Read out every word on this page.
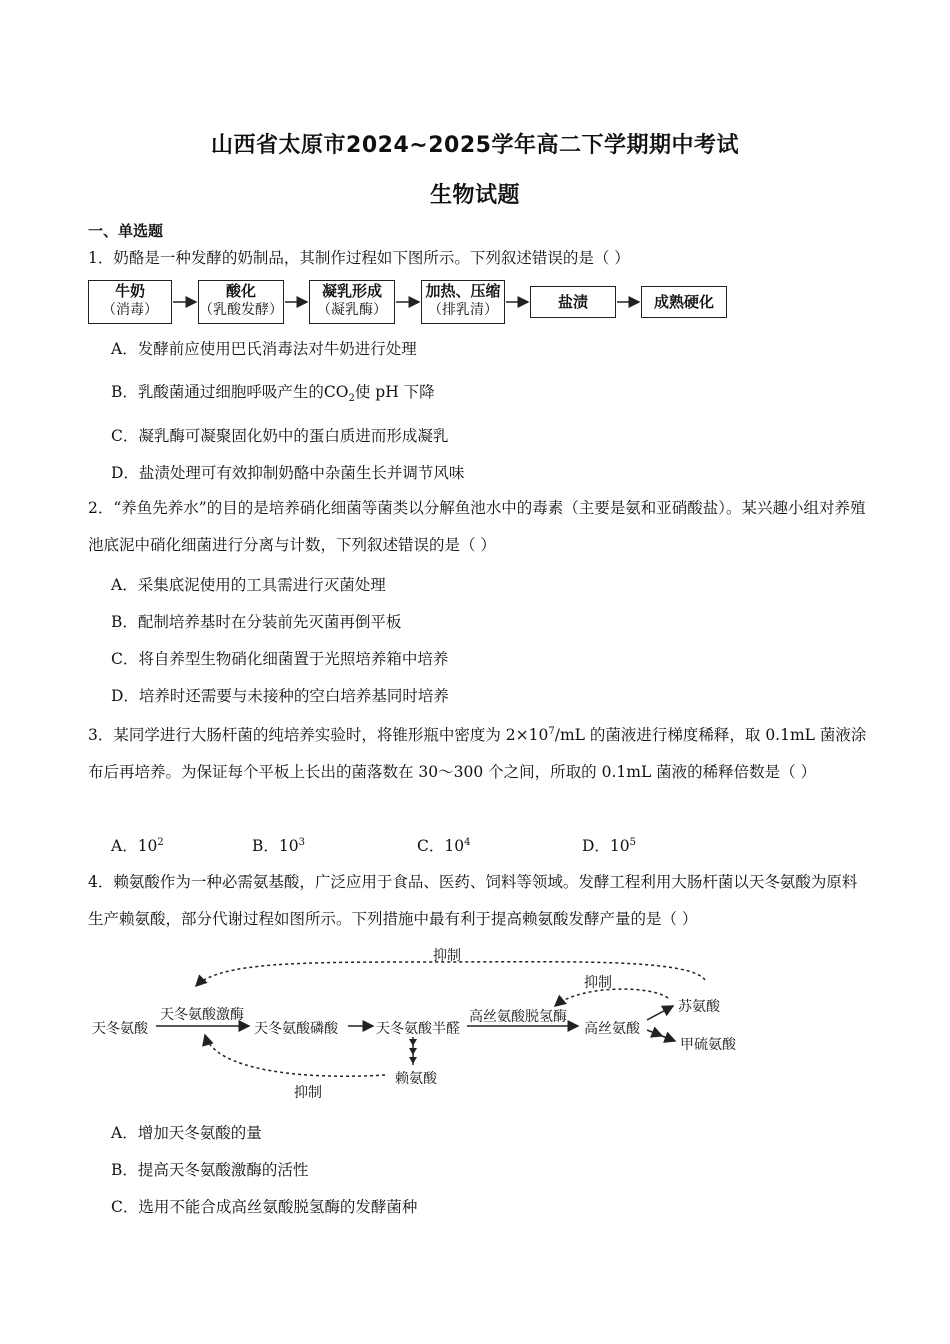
山西省太原市2024~2025学年高二下学期期中考试
生物试题
一、单选题
1．奶酪是一种发酵的奶制品，其制作过程如下图所示。下列叙述错误的是（ ）
牛奶
（消毒）
酸化
（乳酸发酵）
凝乳形成
（凝乳酶）
加热、压缩
（排乳清）	盐渍	成熟硬化
A．发酵前应使用巴氏消毒法对牛奶进行处理
B．乳酸菌通过细胞呼吸产生的$CO_2$使 pH 下降
C．凝乳酶可凝聚固化奶中的蛋白质进而形成凝乳
D．盐渍处理可有效抑制奶酪中杂菌生长并调节风味
2．“养鱼先养水”的目的是培养硝化细菌等菌类以分解鱼池水中的毒素（主要是氨和亚硝酸盐）。某兴趣小组对养殖池底泥中硝化细菌进行分离与计数，下列叙述错误的是（ ）
A．采集底泥使用的工具需进行灭菌处理
B．配制培养基时在分装前先灭菌再倒平板
C．将自养型生物硝化细菌置于光照培养箱中培养
D．培养时还需要与未接种的空白培养基同时培养
3．某同学进行大肠杆菌的纯培养实验时，将锥形瓶中密度为 $2\times 10^7/mL$ 的菌液进行梯度稀释，取 0.1mL 菌液涂布后再培养。为保证每个平板上长出的菌落数在 30～300 个之间，所取的 0.1mL 菌液的稀释倍数是（ ）
A．$10^2$	B．$10^3$	C．$10^4$	D．$10^5$
4．赖氨酸作为一种必需氨基酸，广泛应用于食品、医药、饲料等领域。发酵工程利用大肠杆菌以天冬氨酸为原料生产赖氨酸，部分代谢过程如图所示。下列措施中最有利于提高赖氨酸发酵产量的是（ ）
抑制
抑制
天冬氨酸
天冬氨酸激酶
天冬氨酸磷酸	天冬氨酸半醛
高丝氨酸脱氢酶
高丝氨酸
苏氨酸
甲硫氨酸
赖氨酸
抑制
A．增加天冬氨酸的量
B．提高天冬氨酸激酶的活性
C．选用不能合成高丝氨酸脱氢酶的发酵菌种
